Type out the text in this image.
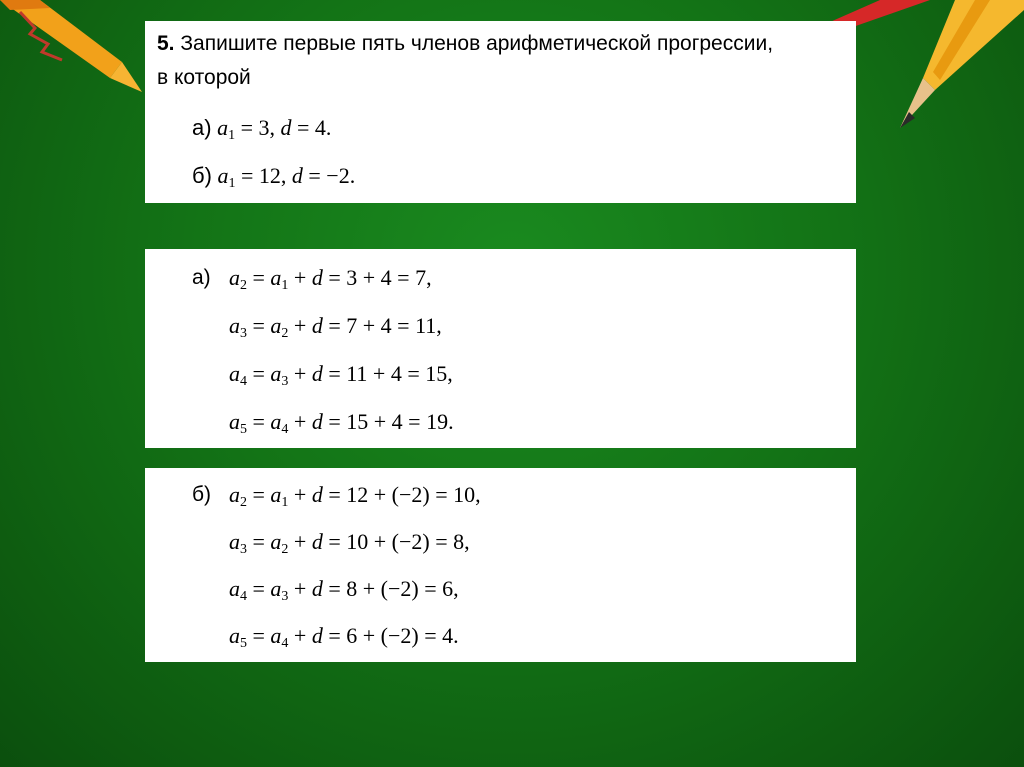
5. Запишите первые пять членов арифметической прогрессии,
в которой
а) $a_1 = 3$, d = 4.
б) $a_1 = 12$, d = −2.
а) $a_2 = a_1 + d = 3 + 4 = 7$,
$a_3 = a_2 + d = 7 + 4 = 11$,
$a_4 = a_3 + d = 11 + 4 = 15$,
$a_5 = a_4 + d = 15 + 4 = 19$.
б) $a_2 = a_1 + d = 12 + (-2) = 10$,
$a_3 = a_2 + d = 10 + (-2) = 8$,
$a_4 = a_3 + d = 8 + (-2) = 6$,
$a_5 = a_4 + d = 6 + (-2) = 4$.
